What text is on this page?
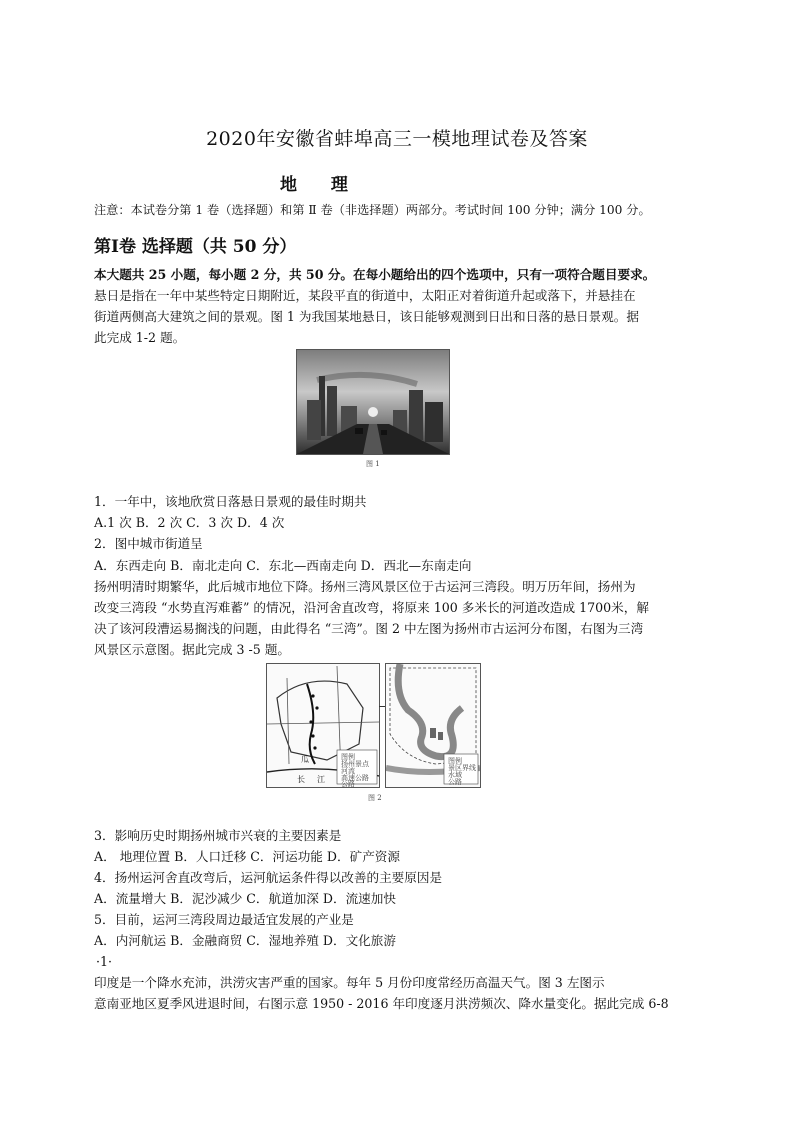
2020年安徽省蚌埠高三一模地理试卷及答案
地 理
注意：本试卷分第 1 卷（选择题）和第 Ⅱ 卷（非选择题）两部分。考试时间 100 分钟；满分 100 分。
第Ⅰ卷 选择题（共 50 分）
本大题共 25 小题，每小题 2 分，共 50 分。在每小题给出的四个选项中，只有一项符合题目要求。
悬日是指在一年中某些特定日期附近，某段平直的街道中，太阳正对着街道升起或落下，并悬挂在
街道两侧高大建筑之间的景观。图 1 为我国某地悬日，该日能够观测到日出和日落的悬日景观。据
此完成 1-2 题。
图 1
1．一年中，该地欣赏日落悬日景观的最佳时期共
A.1 次 B．2 次 C．3 次 D．4 次
2．图中城市街道呈
A．东西走向 B．南北走向 C．东北—西南走向 D．西北—东南走向
扬州明清时期繁华，此后城市地位下降。扬州三湾风景区位于古运河三湾段。明万历年间，扬州为
改变三湾段 “水势直泻难蓄” 的情况，沿河舍直改弯，将原来 100 多米长的河道改造成 1700米，解
决了该河段漕运易搁浅的问题，由此得名 “三湾”。图 2 中左图为扬州市古运河分布图，右图为三湾
风景区示意图。据此完成 3 -5 题。
图例
扬州景点
河流
高速公路
公路
长 江
瓜	图例
景区界线
水域
公路
图 2
3．影响历史时期扬州城市兴衰的主要因素是
A． 地理位置 B．人口迁移 C．河运功能 D．矿产资源
4．扬州运河舍直改弯后，运河航运条件得以改善的主要原因是
A．流量增大 B．泥沙减少 C．航道加深 D．流速加快
5．目前，运河三湾段周边最适宜发展的产业是
A．内河航运 B．金融商贸 C．湿地养殖 D．文化旅游
·1·
印度是一个降水充沛，洪涝灾害严重的国家。每年 5 月份印度常经历高温天气。图 3 左图示
意南亚地区夏季风进退时间，右图示意 1950 - 2016 年印度逐月洪涝频次、降水量变化。据此完成 6-8
